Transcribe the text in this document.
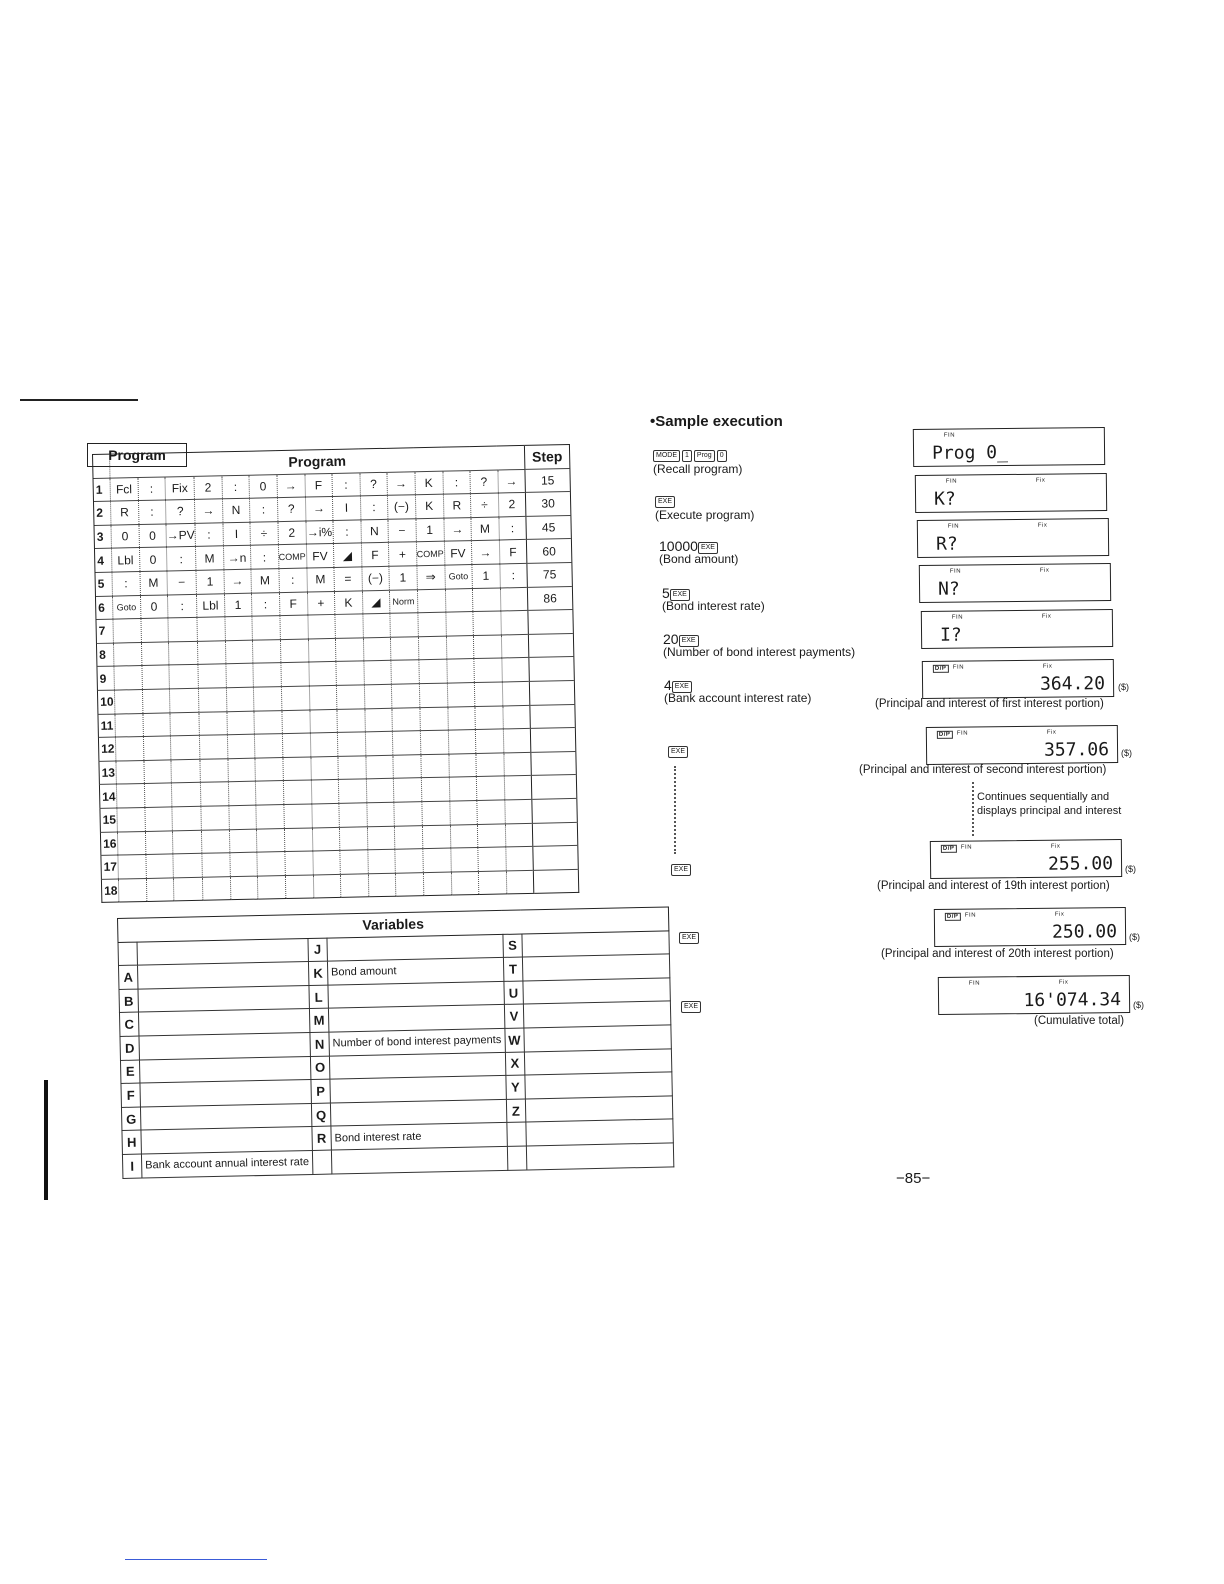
Program
		Program															Step
1	Fcl	:	Fix	2	:	0	→	F	:	?	→	K	:	?	→	15
2	R	:	?	→	N	:	?	→	I	:	(−)	K	R	÷	2	30
3	0	0	→PV	:	I	÷	2	→i%	:	N	−	1	→	M	:	45
4	Lbl	0	:	M	→n	:	COMP	FV	◢	F	+	COMP	FV	→	F	60
5	:	M	−	1	→	M	:	M	=	(−)	1	⇒	Goto	1	:	75
6	Goto	0	:	Lbl	1	:	F	+	K	◢	Norm					86
7																
8																
9																
10																
11																
12																
13																
14																
15																
16																
17																
18																
Variables					
		J		S	
A		K	Bond amount	T	
B		L		U	
C		M		V	
D		N	Number of bond interest payments	W	
E		O		X	
F		P		Y	
G		Q		Z	
H		R	Bond interest rate		
I	Bank account annual interest rate				
•Sample execution
MODE 1 Prog 0
(Recall program)
EXE
(Execute program)
10000 EXE
(Bond amount)
5 EXE
(Bond interest rate)
20 EXE
(Number of bond interest payments)
4 EXE
(Bank account interest rate)
EXE
EXE
EXE
EXE
FIN
Prog 0_
FIN	Fix
K?
FIN	Fix
R?
FIN	Fix
N?
FIN	Fix
I?
D/P	FIN	Fix
364.20 ($)
(Principal and interest of first interest portion)
D/P	FIN	Fix
357.06 ($)
(Principal and interest of second interest portion)
D/P	FIN	Fix
255.00 ($)
(Principal and interest of 19th interest portion)
D/P	FIN	Fix
250.00 ($)
(Principal and interest of 20th interest portion)
FIN	Fix
16'074.34 ($)
(Cumulative total)
Continues sequentially and
displays principal and interest
−85−
